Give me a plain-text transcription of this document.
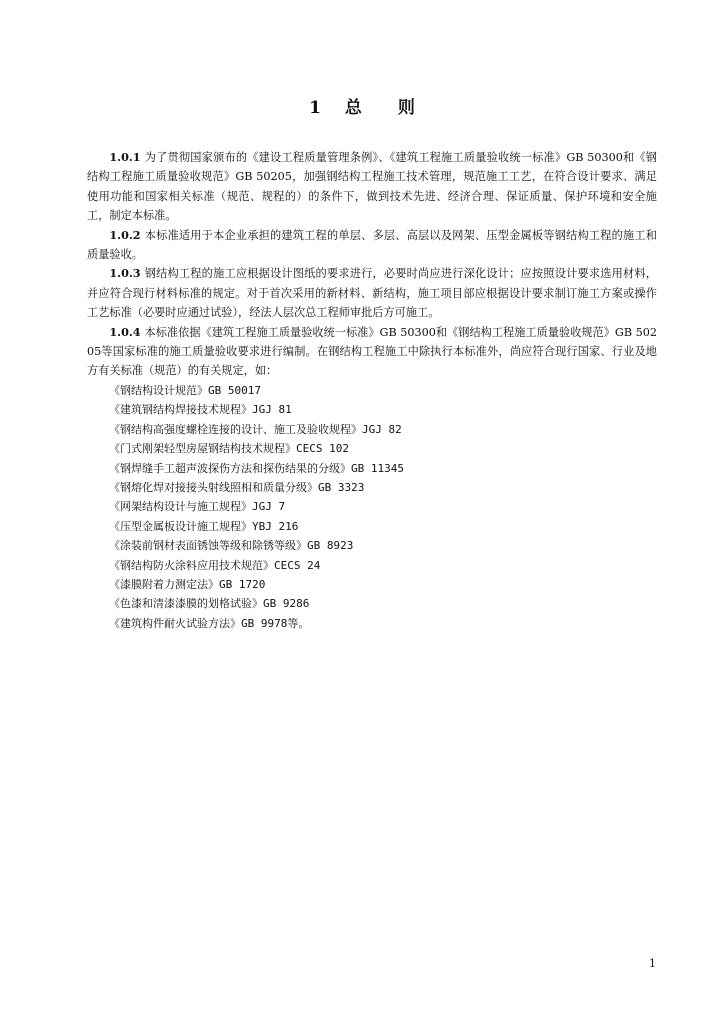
1 总 则

1.0.1 为了贯彻国家颁布的《建设工程质量管理条例》、《建筑工程施工质量验收统一标准》GB 50300和《钢结构工程施工质量验收规范》GB 50205，加强钢结构工程施工技术管理，规范施工工艺，在符合设计要求、满足使用功能和国家相关标准（规范、规程的）的条件下，做到技术先进、经济合理、保证质量、保护环境和安全施工，制定本标准。

1.0.2 本标准适用于本企业承担的建筑工程的单层、多层、高层以及网架、压型金属板等钢结构工程的施工和质量验收。

1.0.3 钢结构工程的施工应根据设计图纸的要求进行，必要时尚应进行深化设计；应按照设计要求选用材料，并应符合现行材料标准的规定。对于首次采用的新材料、新结构，施工项目部应根据设计要求制订施工方案或操作工艺标准（必要时应通过试验），经法人层次总工程师审批后方可施工。

1.0.4 本标准依据《建筑工程施工质量验收统一标准》GB 50300和《钢结构工程施工质量验收规范》GB 50205等国家标准的施工质量验收要求进行编制。在钢结构工程施工中除执行本标准外，尚应符合现行国家、行业及地方有关标准（规范）的有关规定，如：

《钢结构设计规范》GB 50017
《建筑钢结构焊接技术规程》JGJ 81
《钢结构高强度螺栓连接的设计、施工及验收规程》JGJ 82
《门式刚架轻型房屋钢结构技术规程》CECS 102
《钢焊缝手工超声波探伤方法和探伤结果的分级》GB 11345
《钢熔化焊对接接头射线照相和质量分级》GB 3323
《网架结构设计与施工规程》JGJ 7
《压型金属板设计施工规程》YBJ 216
《涂装前钢材表面锈蚀等级和除锈等级》GB 8923
《钢结构防火涂料应用技术规范》CECS 24
《漆膜附着力测定法》GB 1720
《色漆和清漆漆膜的划格试验》GB 9286
《建筑构件耐火试验方法》GB 9978等。
1
